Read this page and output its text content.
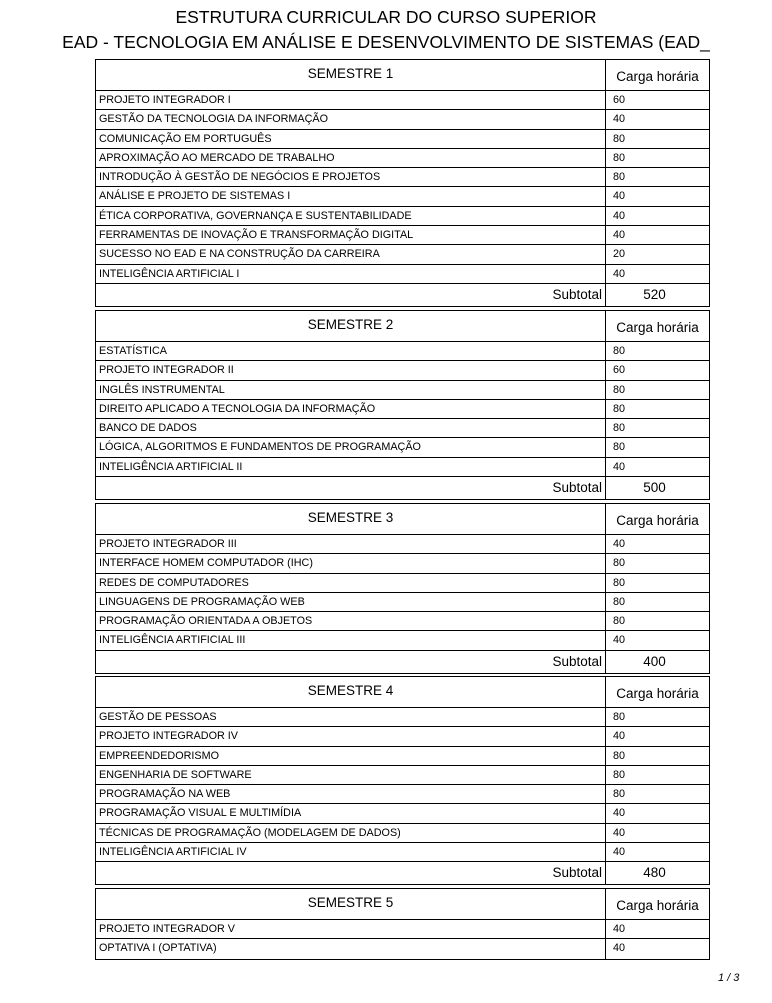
ESTRUTURA CURRICULAR DO CURSO SUPERIOR
EAD - TECNOLOGIA EM ANÁLISE E DESENVOLVIMENTO DE SISTEMAS (EAD_
SEMESTRE 1	Carga horária
PROJETO INTEGRADOR I	60
GESTÃO DA TECNOLOGIA DA INFORMAÇÃO	40
COMUNICAÇÃO EM PORTUGUÊS	80
APROXIMAÇÃO AO MERCADO DE TRABALHO	80
INTRODUÇÃO À GESTÃO DE NEGÓCIOS E PROJETOS	80
ANÁLISE E PROJETO DE SISTEMAS I	40
ÉTICA CORPORATIVA, GOVERNANÇA E SUSTENTABILIDADE	40
FERRAMENTAS DE INOVAÇÃO E TRANSFORMAÇÃO DIGITAL	40
SUCESSO NO EAD E NA CONSTRUÇÃO DA CARREIRA	20
INTELIGÊNCIA ARTIFICIAL I	40
Subtotal	520
SEMESTRE 2	Carga horária
ESTATÍSTICA	80
PROJETO INTEGRADOR II	60
INGLÊS INSTRUMENTAL	80
DIREITO APLICADO A TECNOLOGIA DA INFORMAÇÃO	80
BANCO DE DADOS	80
LÓGICA, ALGORITMOS E FUNDAMENTOS DE PROGRAMAÇÃO	80
INTELIGÊNCIA ARTIFICIAL II	40
Subtotal	500
SEMESTRE 3	Carga horária
PROJETO INTEGRADOR III	40
INTERFACE HOMEM COMPUTADOR (IHC)	80
REDES DE COMPUTADORES	80
LINGUAGENS DE PROGRAMAÇÃO WEB	80
PROGRAMAÇÃO ORIENTADA A OBJETOS	80
INTELIGÊNCIA ARTIFICIAL III	40
Subtotal	400
SEMESTRE 4	Carga horária
GESTÃO DE PESSOAS	80
PROJETO INTEGRADOR IV	40
EMPREENDEDORISMO	80
ENGENHARIA DE SOFTWARE	80
PROGRAMAÇÃO NA WEB	80
PROGRAMAÇÃO VISUAL E MULTIMÍDIA	40
TÉCNICAS DE PROGRAMAÇÃO (MODELAGEM DE DADOS)	40
INTELIGÊNCIA ARTIFICIAL IV	40
Subtotal	480
SEMESTRE 5	Carga horária
PROJETO INTEGRADOR V	40
OPTATIVA I (OPTATIVA)	40
1 / 3
